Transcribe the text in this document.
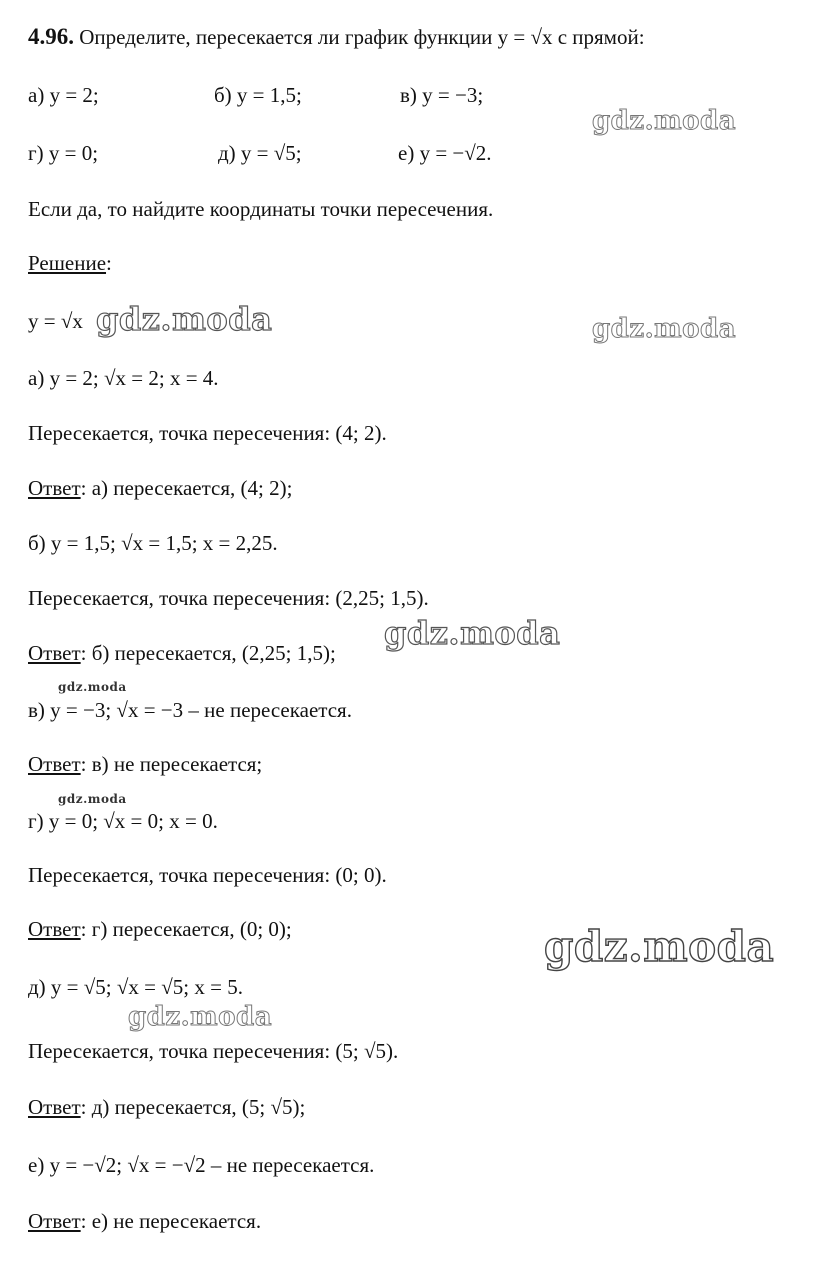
4.96. Определите, пересекается ли график функции y = √x с прямой:
а) y = 2;	б) y = 1,5;	в) y = −3;
г) y = 0;	д) y = √5;	е) y = −√2.
Если да, то найдите координаты точки пересечения.
Решение:
y = √x
а) y = 2; √x = 2; x = 4.
Пересекается, точка пересечения: (4; 2).
Ответ: а) пересекается, (4; 2);
б) y = 1,5; √x = 1,5; x = 2,25.
Пересекается, точка пересечения: (2,25; 1,5).
Ответ: б) пересекается, (2,25; 1,5);
в) y = −3; √x = −3 – не пересекается.
Ответ: в) не пересекается;
г) y = 0; √x = 0; x = 0.
Пересекается, точка пересечения: (0; 0).
Ответ: г) пересекается, (0; 0);
д) y = √5; √x = √5; x = 5.
Пересекается, точка пересечения: (5; √5).
Ответ: д) пересекается, (5; √5);
е) y = −√2; √x = −√2 – не пересекается.
Ответ: е) не пересекается.
gdz.moda
gdz.moda	gdz.moda
gdz.moda
gdz.moda
gdz.moda
gdz.moda
gdz.moda
